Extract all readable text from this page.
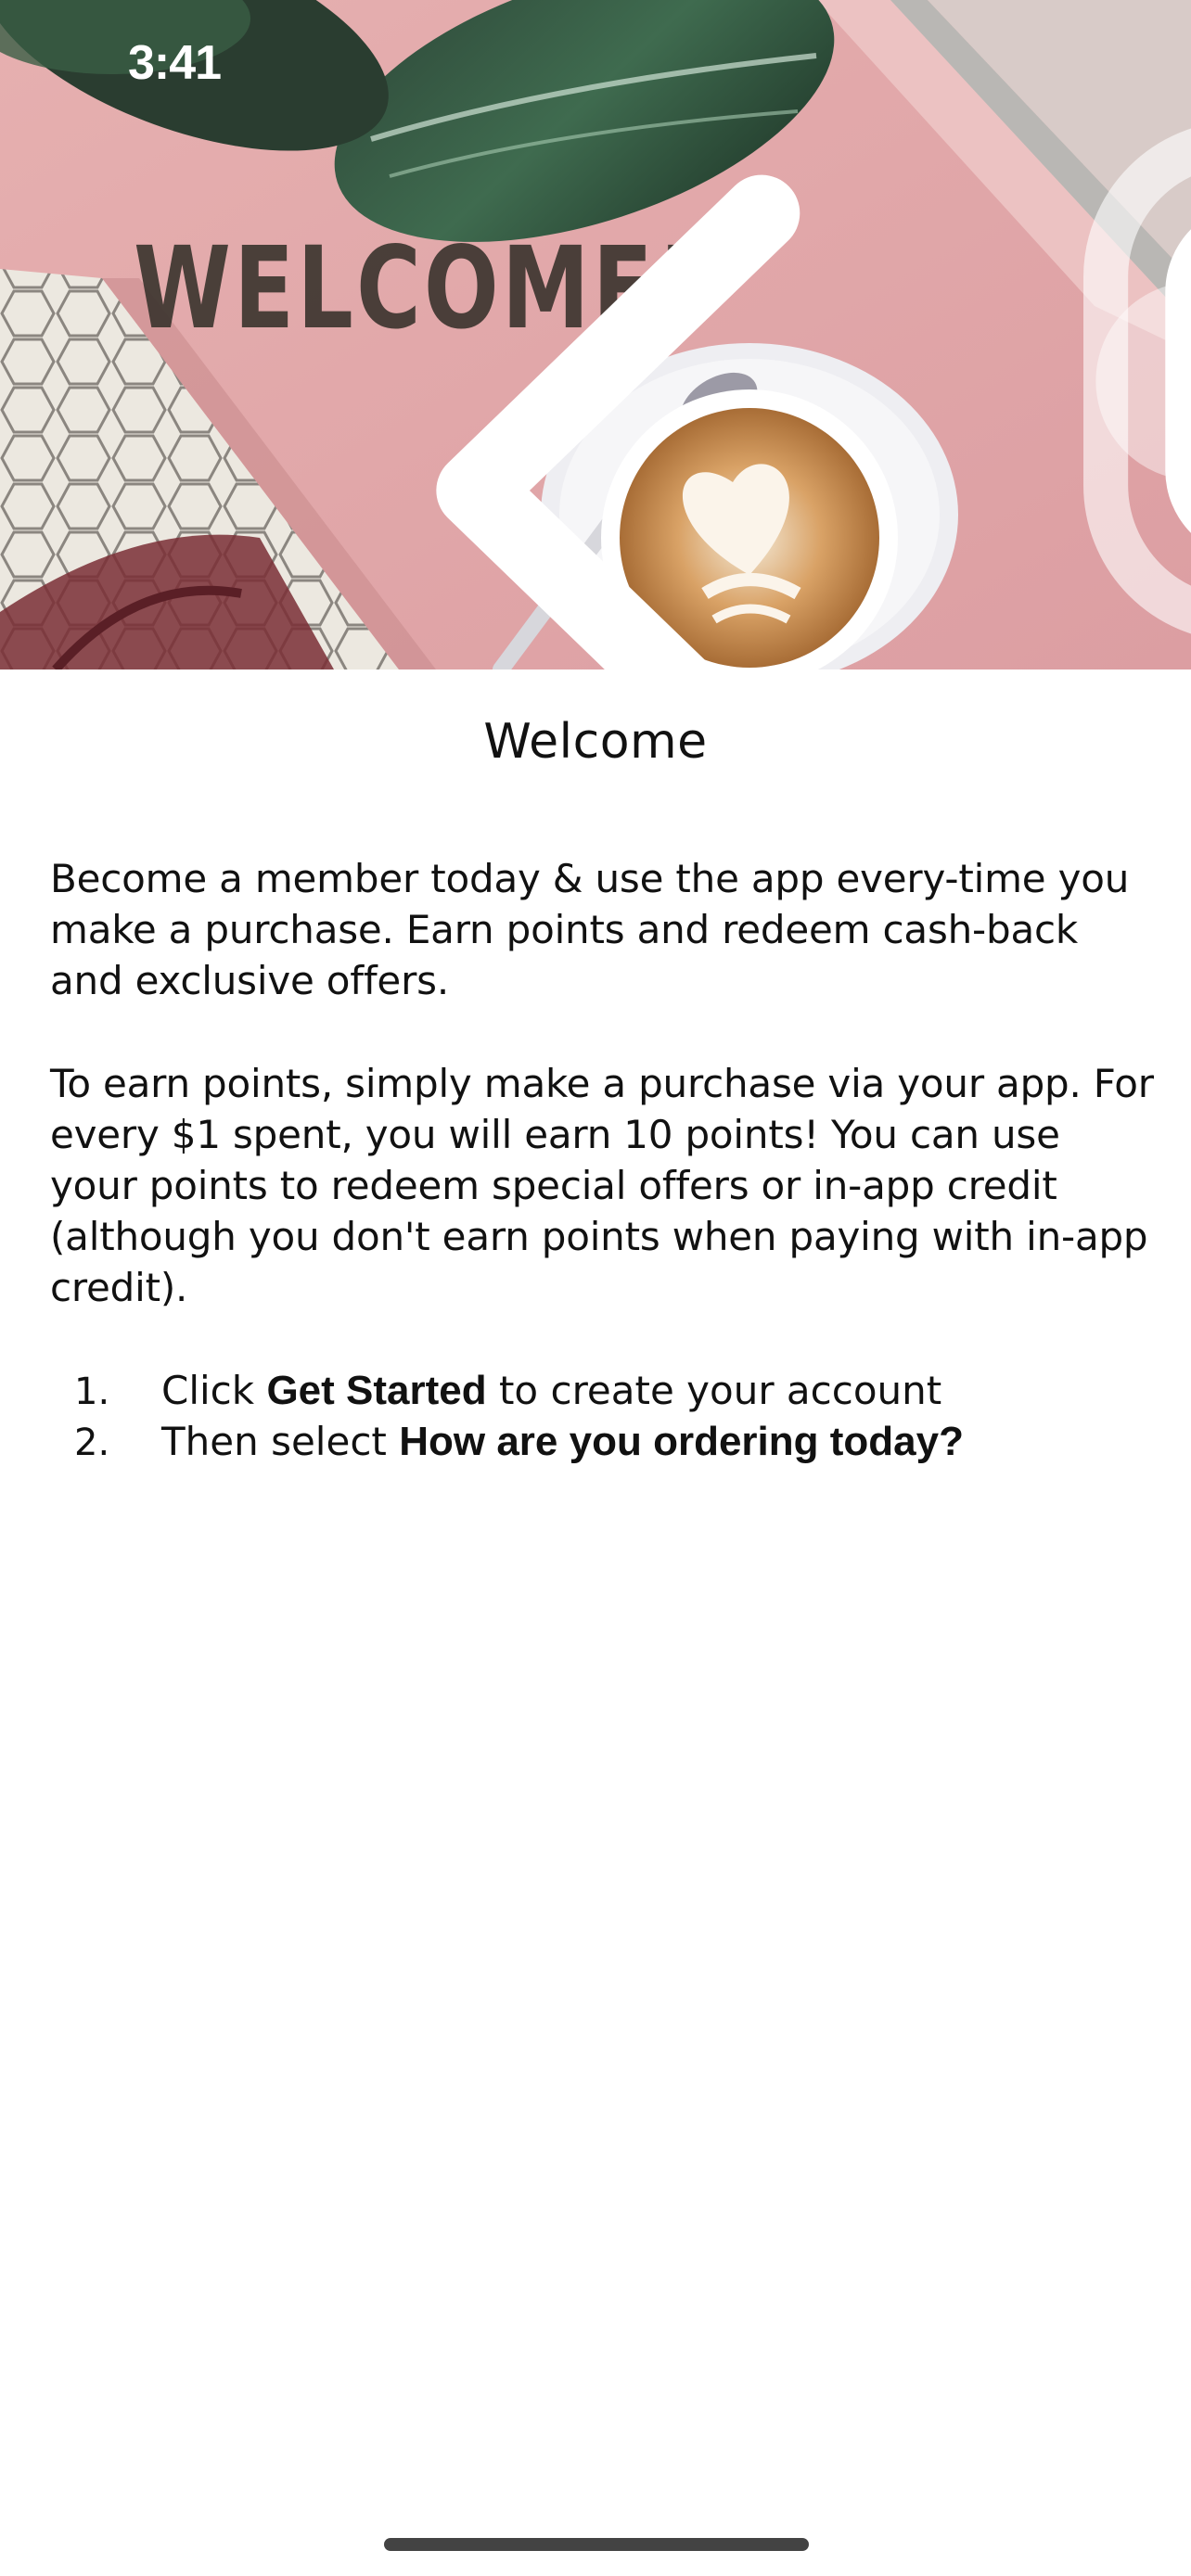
WELCOME!
3:41
Welcome

Become a member today & use the app every-time you make a purchase. Earn points and redeem cash-back and exclusive offers.

To earn points, simply make a purchase via your app. For every $1 spent, you will earn 10 points! You can use your points to redeem special offers or in-app credit (although you don't earn points when paying with in-app credit).

1.	Click Get Started to create your account
2.	Then select How are you ordering today?
